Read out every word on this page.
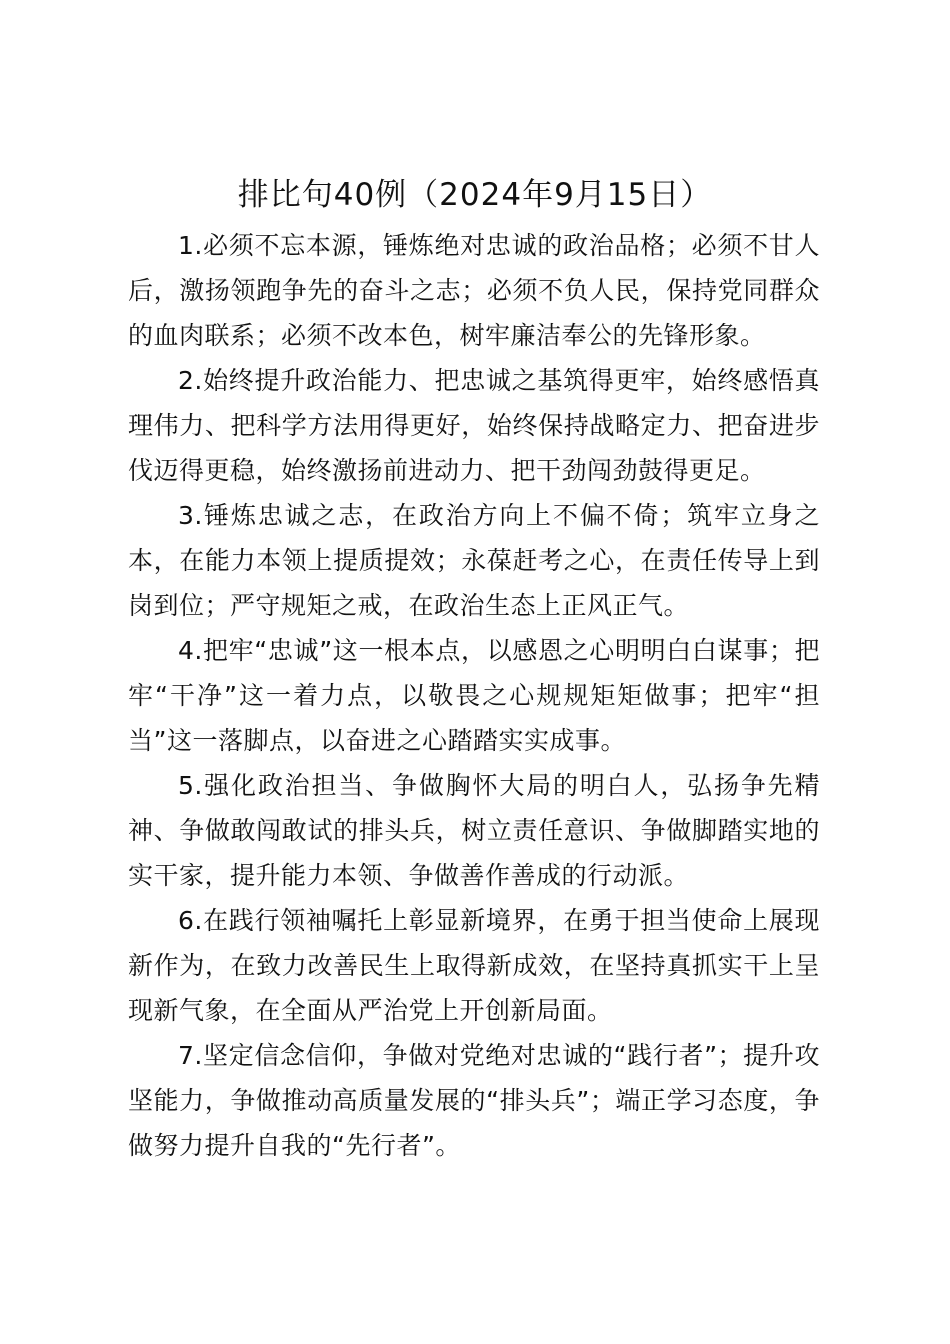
排比句40例（2024年9月15日）

1.必须不忘本源，锤炼绝对忠诚的政治品格；必须不甘人后，激扬领跑争先的奋斗之志；必须不负人民，保持党同群众的血肉联系；必须不改本色，树牢廉洁奉公的先锋形象。

2.始终提升政治能力、把忠诚之基筑得更牢，始终感悟真理伟力、把科学方法用得更好，始终保持战略定力、把奋进步伐迈得更稳，始终激扬前进动力、把干劲闯劲鼓得更足。

3.锤炼忠诚之志，在政治方向上不偏不倚；筑牢立身之本，在能力本领上提质提效；永葆赶考之心，在责任传导上到岗到位；严守规矩之戒，在政治生态上正风正气。

4.把牢“忠诚”这一根本点，以感恩之心明明白白谋事；把牢“干净”这一着力点，以敬畏之心规规矩矩做事；把牢“担当”这一落脚点，以奋进之心踏踏实实成事。

5.强化政治担当、争做胸怀大局的明白人，弘扬争先精神、争做敢闯敢试的排头兵，树立责任意识、争做脚踏实地的实干家，提升能力本领、争做善作善成的行动派。

6.在践行领袖嘱托上彰显新境界，在勇于担当使命上展现新作为，在致力改善民生上取得新成效，在坚持真抓实干上呈现新气象，在全面从严治党上开创新局面。

7.坚定信念信仰，争做对党绝对忠诚的“践行者”；提升攻坚能力，争做推动高质量发展的“排头兵”；端正学习态度，争做努力提升自我的“先行者”。
